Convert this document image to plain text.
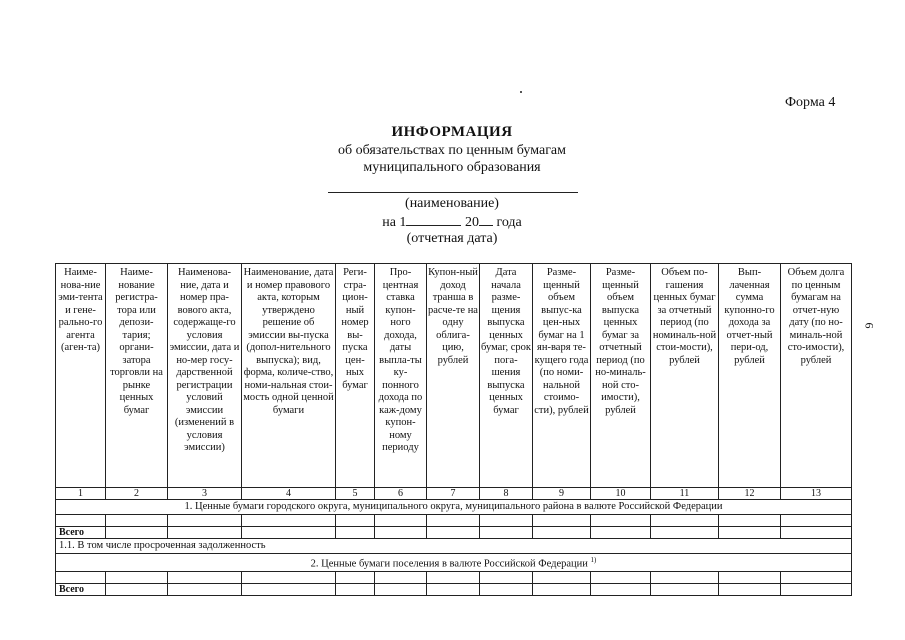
Форма 4
6
ИНФОРМАЦИЯ
об обязательствах по ценным бумагам
муниципального образования
(наименование)
на 1	20 года
(отчетная дата)
Наиме-нова-ние эми-тента и гене-рально-го агента (аген-та)	Наиме-нование регистра-тора или депози-тария; органи-затора торговли на рынке ценных бумаг	Наименова-ние, дата и номер пра-вового акта, содержаще-го условия эмиссии, дата и но-мер госу-дарственной регистрации условий эмиссии (изменений в условия эмиссии)	Наименование, дата и номер правового акта, которым утверждено решение об эмиссии вы-пуска (допол-нительного выпуска); вид, форма, количе-ство, номи-нальная стои-мость одной ценной бумаги	Реги-стра-цион-ный номер вы-пуска цен-ных бумаг	Про-центная ставка купон-ного дохода, даты выпла-ты ку-понного дохода по каж-дому купон-ному периоду	Купон-ный доход транша в расче-те на одну облига-цию, рублей	Дата начала разме-щения выпуска ценных бумаг, срок пога-шения выпуска ценных бумаг	Разме-щенный объем выпус-ка цен-ных бумаг на 1 ян-варя те-кущего года (по номи-нальной стоимо-сти), рублей	Разме-щенный объем выпуска ценных бумаг за отчетный период (по но-миналь-ной сто-имости), рублей	Объем по-гашения ценных бумаг за отчетный период (по номиналь-ной стои-мости), рублей	Вып-лаченная сумма купонно-го дохода за отчет-ный пери-од, рублей	Объем долга по ценным бумагам на отчет-ную дату (по но-миналь-ной сто-имости), рублей
1	2	3	4	5	6	7	8	9	10	11	12	13
1. Ценные бумаги городского округа, муниципального округа, муниципального района в валюте Российской Федерации												

Всего												
1.1. В том числе просроченная задолженность												
2. Ценные бумаги поселения в валюте Российской Федерации $^{1)}$

Всего												
